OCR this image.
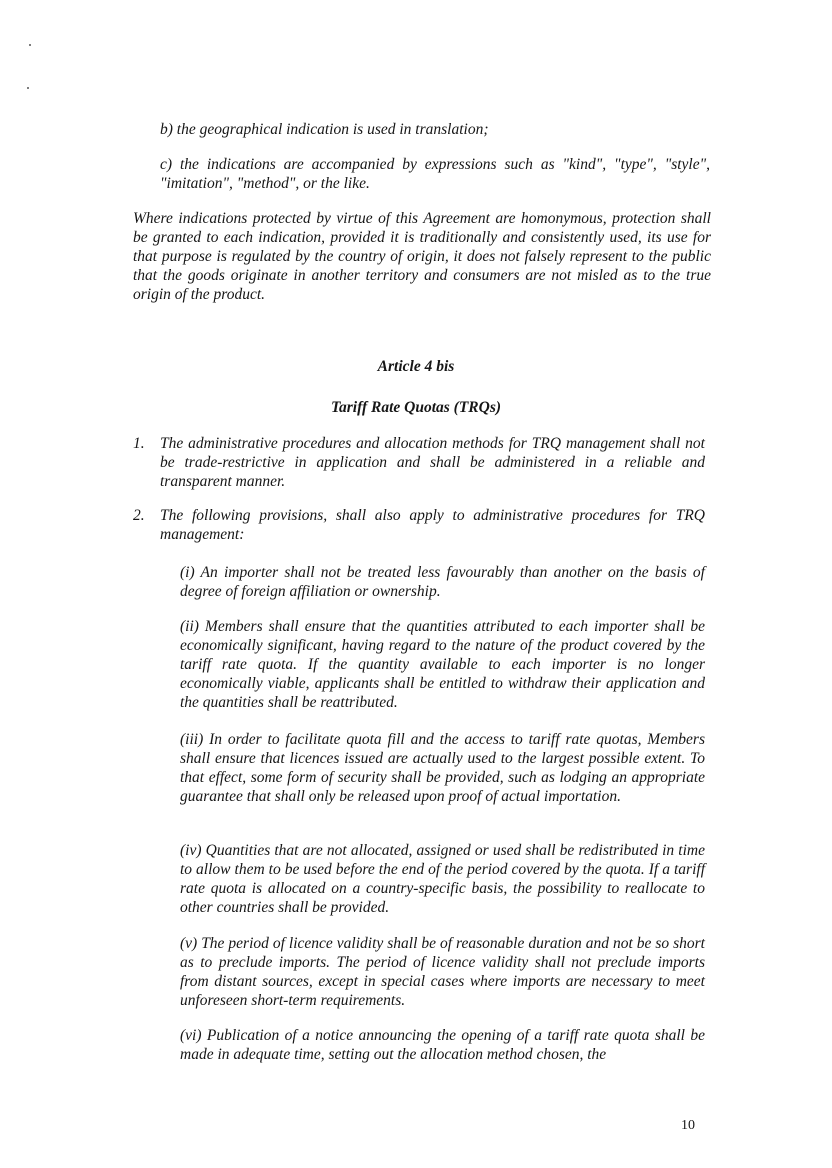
b) the geographical indication is used in translation;

c) the indications are accompanied by expressions such as "kind", "type", "style", "imitation", "method", or the like.

Where indications protected by virtue of this Agreement are homonymous, protection shall be granted to each indication, provided it is traditionally and consistently used, its use for that purpose is regulated by the country of origin, it does not falsely represent to the public that the goods originate in another territory and consumers are not misled as to the true origin of the product.

Article 4 bis

Tariff Rate Quotas (TRQs)

1. The administrative procedures and allocation methods for TRQ management shall not be trade-restrictive in application and shall be administered in a reliable and transparent manner.

2. The following provisions, shall also apply to administrative procedures for TRQ management:

(i) An importer shall not be treated less favourably than another on the basis of degree of foreign affiliation or ownership.

(ii) Members shall ensure that the quantities attributed to each importer shall be economically significant, having regard to the nature of the product covered by the tariff rate quota. If the quantity available to each importer is no longer economically viable, applicants shall be entitled to withdraw their application and the quantities shall be reattributed.

(iii) In order to facilitate quota fill and the access to tariff rate quotas, Members shall ensure that licences issued are actually used to the largest possible extent. To that effect, some form of security shall be provided, such as lodging an appropriate guarantee that shall only be released upon proof of actual importation.

(iv) Quantities that are not allocated, assigned or used shall be redistributed in time to allow them to be used before the end of the period covered by the quota. If a tariff rate quota is allocated on a country-specific basis, the possibility to reallocate to other countries shall be provided.

(v) The period of licence validity shall be of reasonable duration and not be so short as to preclude imports. The period of licence validity shall not preclude imports from distant sources, except in special cases where imports are necessary to meet unforeseen short-term requirements.

(vi) Publication of a notice announcing the opening of a tariff rate quota shall be made in adequate time, setting out the allocation method chosen, the

10
